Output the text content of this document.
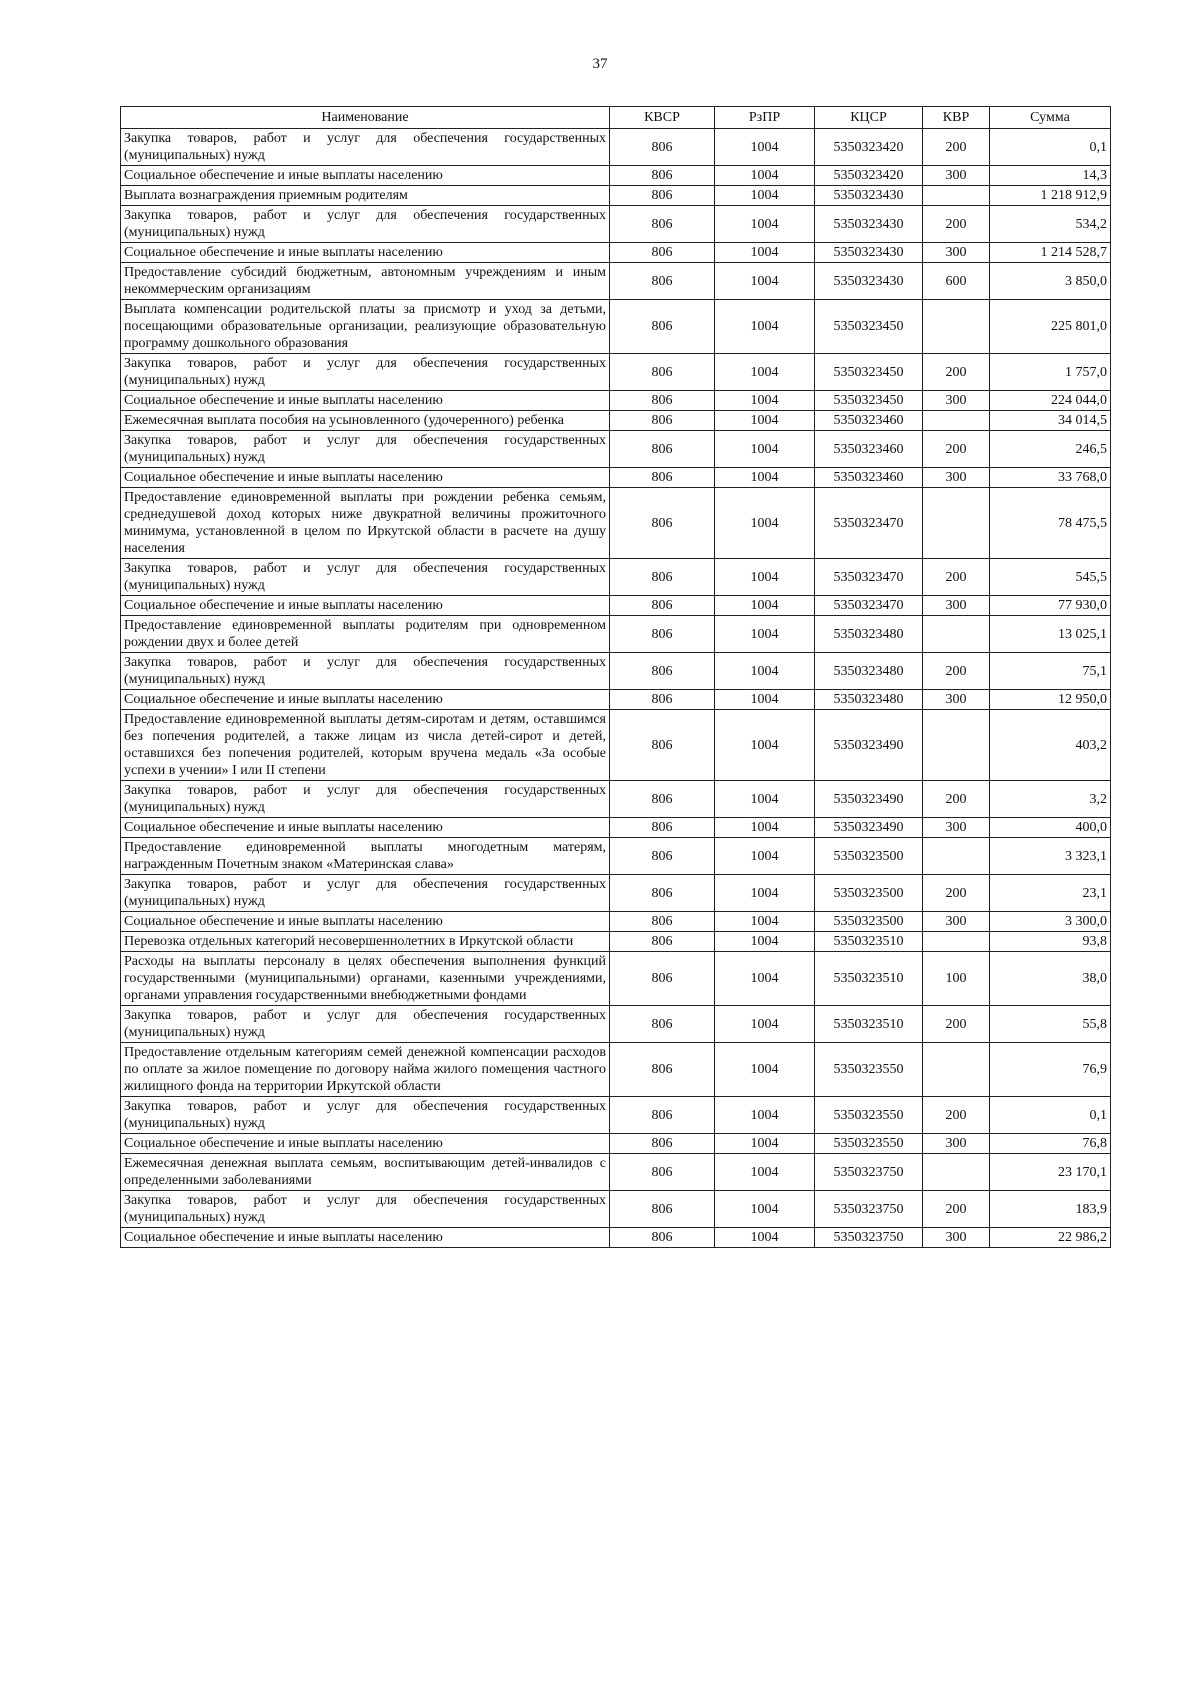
37
Наименование	КВСР	РзПР	КЦСР	КВР	Сумма
Закупка товаров, работ и услуг для обеспечения государственных (муниципальных) нужд	806	1004	5350323420	200	0,1
Социальное обеспечение и иные выплаты населению	806	1004	5350323420	300	14,3
Выплата вознаграждения приемным родителям	806	1004	5350323430		1 218 912,9
Закупка товаров, работ и услуг для обеспечения государственных (муниципальных) нужд	806	1004	5350323430	200	534,2
Социальное обеспечение и иные выплаты населению	806	1004	5350323430	300	1 214 528,7
Предоставление субсидий бюджетным, автономным учреждениям и иным некоммерческим организациям	806	1004	5350323430	600	3 850,0
Выплата компенсации родительской платы за присмотр и уход за детьми, посещающими образовательные организации, реализующие образовательную программу дошкольного образования	806	1004	5350323450		225 801,0
Закупка товаров, работ и услуг для обеспечения государственных (муниципальных) нужд	806	1004	5350323450	200	1 757,0
Социальное обеспечение и иные выплаты населению	806	1004	5350323450	300	224 044,0
Ежемесячная выплата пособия на усыновленного (удочеренного) ребенка	806	1004	5350323460		34 014,5
Закупка товаров, работ и услуг для обеспечения государственных (муниципальных) нужд	806	1004	5350323460	200	246,5
Социальное обеспечение и иные выплаты населению	806	1004	5350323460	300	33 768,0
Предоставление единовременной выплаты при рождении ребенка семьям, среднедушевой доход которых ниже двукратной величины прожиточного минимума, установленной в целом по Иркутской области в расчете на душу населения	806	1004	5350323470		78 475,5
Закупка товаров, работ и услуг для обеспечения государственных (муниципальных) нужд	806	1004	5350323470	200	545,5
Социальное обеспечение и иные выплаты населению	806	1004	5350323470	300	77 930,0
Предоставление единовременной выплаты родителям при одновременном рождении двух и более детей	806	1004	5350323480		13 025,1
Закупка товаров, работ и услуг для обеспечения государственных (муниципальных) нужд	806	1004	5350323480	200	75,1
Социальное обеспечение и иные выплаты населению	806	1004	5350323480	300	12 950,0
Предоставление единовременной выплаты детям-сиротам и детям, оставшимся без попечения родителей, а также лицам из числа детей-сирот и детей, оставшихся без попечения родителей, которым вручена медаль «За особые успехи в учении» I или II степени	806	1004	5350323490		403,2
Закупка товаров, работ и услуг для обеспечения государственных (муниципальных) нужд	806	1004	5350323490	200	3,2
Социальное обеспечение и иные выплаты населению	806	1004	5350323490	300	400,0
Предоставление единовременной выплаты многодетным матерям, награжденным Почетным знаком «Материнская слава»	806	1004	5350323500		3 323,1
Закупка товаров, работ и услуг для обеспечения государственных (муниципальных) нужд	806	1004	5350323500	200	23,1
Социальное обеспечение и иные выплаты населению	806	1004	5350323500	300	3 300,0
Перевозка отдельных категорий несовершеннолетних в Иркутской области	806	1004	5350323510		93,8
Расходы на выплаты персоналу в целях обеспечения выполнения функций государственными (муниципальными) органами, казенными учреждениями, органами управления государственными внебюджетными фондами	806	1004	5350323510	100	38,0
Закупка товаров, работ и услуг для обеспечения государственных (муниципальных) нужд	806	1004	5350323510	200	55,8
Предоставление отдельным категориям семей денежной компенсации расходов по оплате за жилое помещение по договору найма жилого помещения частного жилищного фонда на территории Иркутской области	806	1004	5350323550		76,9
Закупка товаров, работ и услуг для обеспечения государственных (муниципальных) нужд	806	1004	5350323550	200	0,1
Социальное обеспечение и иные выплаты населению	806	1004	5350323550	300	76,8
Ежемесячная денежная выплата семьям, воспитывающим детей-инвалидов с определенными заболеваниями	806	1004	5350323750		23 170,1
Закупка товаров, работ и услуг для обеспечения государственных (муниципальных) нужд	806	1004	5350323750	200	183,9
Социальное обеспечение и иные выплаты населению	806	1004	5350323750	300	22 986,2
